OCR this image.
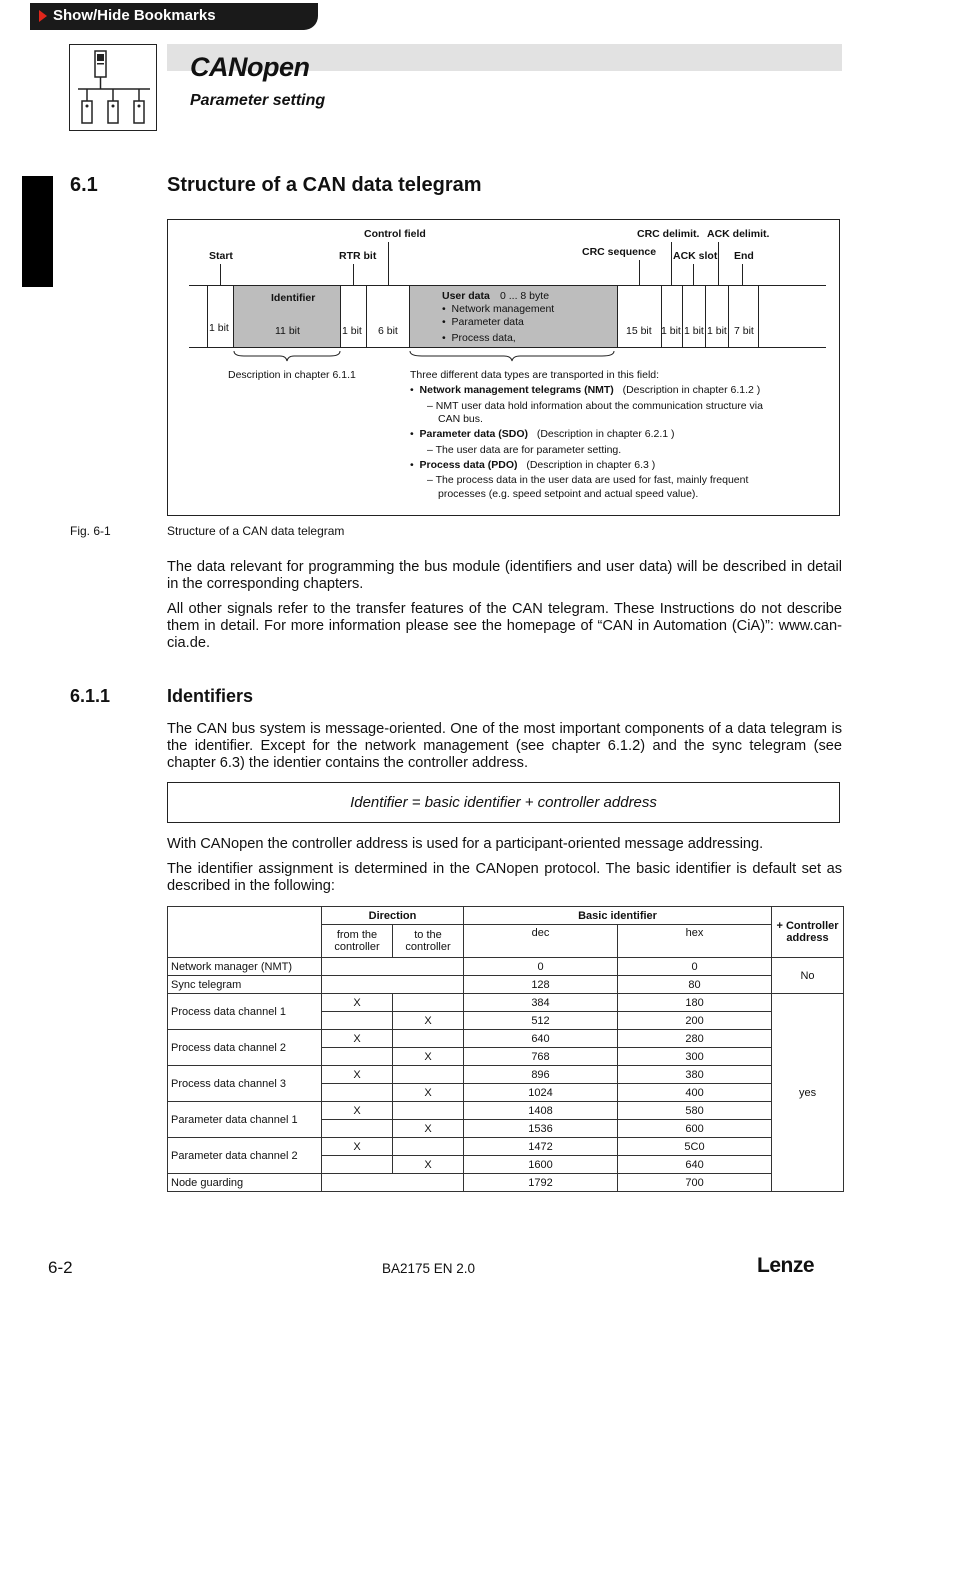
Show/Hide Bookmarks
CANopen
Parameter setting
6.1	Structure of a CAN data telegram
Control field	CRC delimit. ACK delimit.
Start	RTR bit	CRC sequence ACK slot End
Identifier	User data 0 ... 8 byte
•  Network management
•  Parameter data
•  Process data,
1 bit	11 bit	1 bit 6 bit	15 bit 1 bit 1 bit 1 bit 7 bit
Description in chapter 6.1.1	Three different data types are transported in this field:
•  Network management telegrams (NMT) (Description in chapter 6.1.2 )
– NMT user data hold information about the communication structure via
CAN bus.
•  Parameter data (SDO) (Description in chapter 6.2.1 )
– The user data are for parameter setting.
•  Process data (PDO) (Description in chapter 6.3 )
– The process data in the user data are used for fast, mainly frequent
processes (e.g. speed setpoint and actual speed value).
Fig. 6-1	Structure of a CAN data telegram
The data relevant for programming the bus module (identifiers and user data) will be described in detail in the corresponding chapters.
All other signals refer to the transfer features of the CAN telegram. These Instructions do not describe them in detail. For more information please see the homepage of “CAN in Automation (CiA)”: www.can-cia.de.
6.1.1	Identifiers
The CAN bus system is message-oriented. One of the most important components of a data telegram is the identifier. Except for the network management (see chapter 6.1.2) and the sync telegram (see chapter 6.3) the identier contains the controller address.
Identifier = basic identifier + controller address
With CANopen the controller address is used for a participant-oriented message addressing.
The identifier assignment is determined in the CANopen protocol. The basic identifier is default set as described in the following:
	Direction		Basic identifier		+ Controller address
	from the controller	to the controller	dec	hex	
Network manager (NMT)			0	0	No
Sync telegram			128	80	
Process data channel 1	X		384	180	yes
		X	512	200	
Process data channel 2	X		640	280	
		X	768	300	
Process data channel 3	X		896	380	
		X	1024	400	
Parameter data channel 1	X		1408	580	
		X	1536	600	
Parameter data channel 2	X		1472	5C0	
		X	1600	640	
Node guarding			1792	700	
6-2	BA2175 EN 2.0	Lenze
